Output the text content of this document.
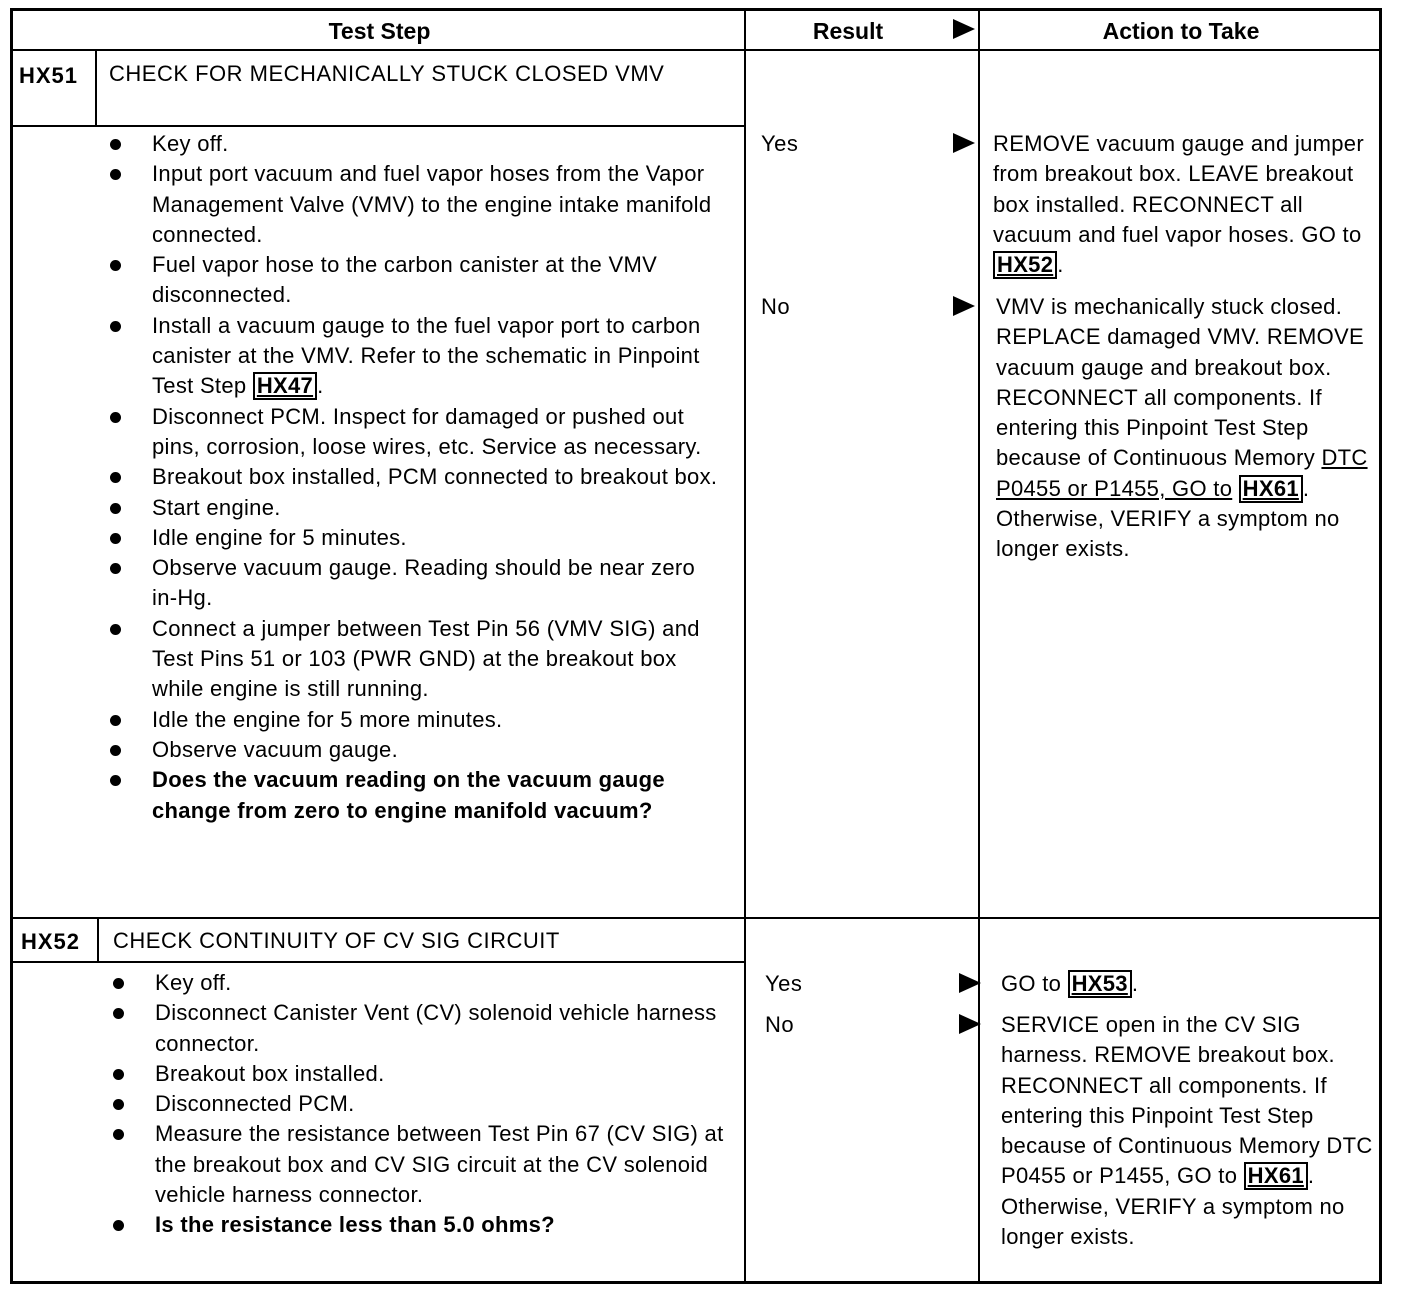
Test Step	Result	Action to Take
HX51 CHECK FOR MECHANICALLY STUCK CLOSED VMV
Key off.
Input port vacuum and fuel vapor hoses from the Vapor Management Valve (VMV) to the engine intake manifold connected.
Fuel vapor hose to the carbon canister at the VMV disconnected.
Install a vacuum gauge to the fuel vapor port to carbon canister at the VMV. Refer to the schematic in Pinpoint Test Step HX47 .
Disconnect PCM. Inspect for damaged or pushed out pins, corrosion, loose wires, etc. Service as necessary.
Breakout box installed, PCM connected to breakout box.
Start engine.
Idle engine for 5 minutes.
Observe vacuum gauge. Reading should be near zero in-Hg.
Connect a jumper between Test Pin 56 (VMV SIG) and Test Pins 51 or 103 (PWR GND) at the breakout box while engine is still running.
Idle the engine for 5 more minutes.
Observe vacuum gauge.
Does the vacuum reading on the vacuum gauge change from zero to engine manifold vacuum?
Yes	REMOVE vacuum gauge and jumper from breakout box. LEAVE breakout box installed. RECONNECT all vacuum and fuel vapor hoses. GO to HX52 .
No	VMV is mechanically stuck closed. REPLACE damaged VMV. REMOVE vacuum gauge and breakout box. RECONNECT all components. If entering this Pinpoint Test Step because of Continuous Memory DTC P0455 or P1455, GO to HX61 . Otherwise, VERIFY a symptom no longer exists.
HX52 CHECK CONTINUITY OF CV SIG CIRCUIT
Key off.
Disconnect Canister Vent (CV) solenoid vehicle harness connector.
Breakout box installed.
Disconnected PCM.
Measure the resistance between Test Pin 67 (CV SIG) at the breakout box and CV SIG circuit at the CV solenoid vehicle harness connector.
Is the resistance less than 5.0 ohms?
Yes	GO to HX53 .
No	SERVICE open in the CV SIG harness. REMOVE breakout box. RECONNECT all components. If entering this Pinpoint Test Step because of Continuous Memory DTC P0455 or P1455, GO to HX61 . Otherwise, VERIFY a symptom no longer exists.
